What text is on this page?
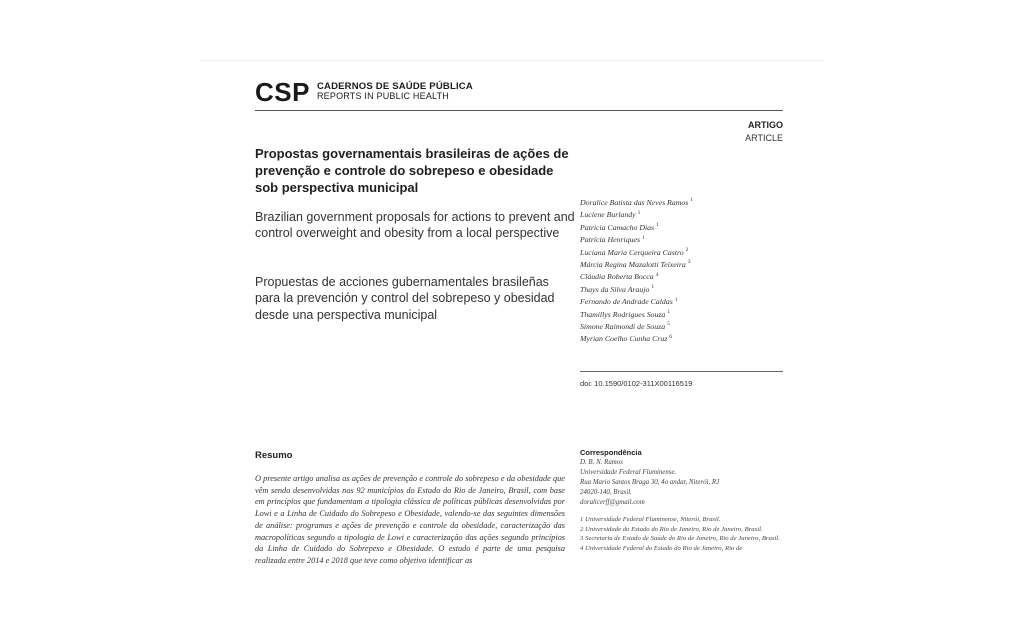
CSP CADERNOS DE SAÚDE PÚBLICA
REPORTS IN PUBLIC HEALTH
ARTIGO
ARTICLE
Propostas governamentais brasileiras de ações de prevenção e controle do sobrepeso e obesidade sob perspectiva municipal
Brazilian government proposals for actions to prevent and control overweight and obesity from a local perspective
Propuestas de acciones gubernamentales brasileñas para la prevención y control del sobrepeso y obesidad desde una perspectiva municipal
Doralice Batista das Neves Ramos $^1$
Luciene Burlandy $^1$
Patricia Camacho Dias $^1$
Patrícia Henriques $^1$
Luciana Maria Cerqueira Castro $^2$
Márcia Regina Mazalotti Teixeira $^3$
Cláudia Roberta Bocca $^4$
Thays da Silva Araujo $^1$
Fernando de Andrade Caldas $^1$
Thamillys Rodrigues Souza $^1$
Simone Raimondi de Souza $^5$
Myrian Coelho Cunha Cruz $^6$
doi: 10.1590/0102-311X00116519
Resumo
O presente artigo analisa as ações de prevenção e controle do sobrepeso e da obesidade que vêm sendo desenvolvidas nos 92 municípios do Estado do Rio de Janeiro, Brasil, com base em princípios que fundamentam a tipologia clássica de políticas públicas desenvolvidas por Lowi e a Linha de Cuidado do Sobrepeso e Obesidade, valendo-se das seguintes dimensões de análise: programas e ações de prevenção e controle da obesidade, caracterização das macropolíticas segundo a tipologia de Lowi e caracterização das ações segundo princípios da Linha de Cuidado do Sobrepeso e Obesidade. O estudo é parte de uma pesquisa realizada entre 2014 e 2018 que teve como objetivo identificar as
Correspondência
D. B. N. Ramos
Universidade Federal Fluminense.
Rua Mario Santos Braga 30, 4o andar, Niterói, RJ
24020-140, Brasil.
doralicerff@gmail.com
1 Universidade Federal Fluminense, Niterói, Brasil.
2 Universidade do Estado do Rio de Janeiro, Rio de Janeiro, Brasil.
3 Secretaria de Estado de Saúde do Rio de Janeiro, Rio de Janeiro, Brasil.
4 Universidade Federal do Estado do Rio de Janeiro, Rio de
